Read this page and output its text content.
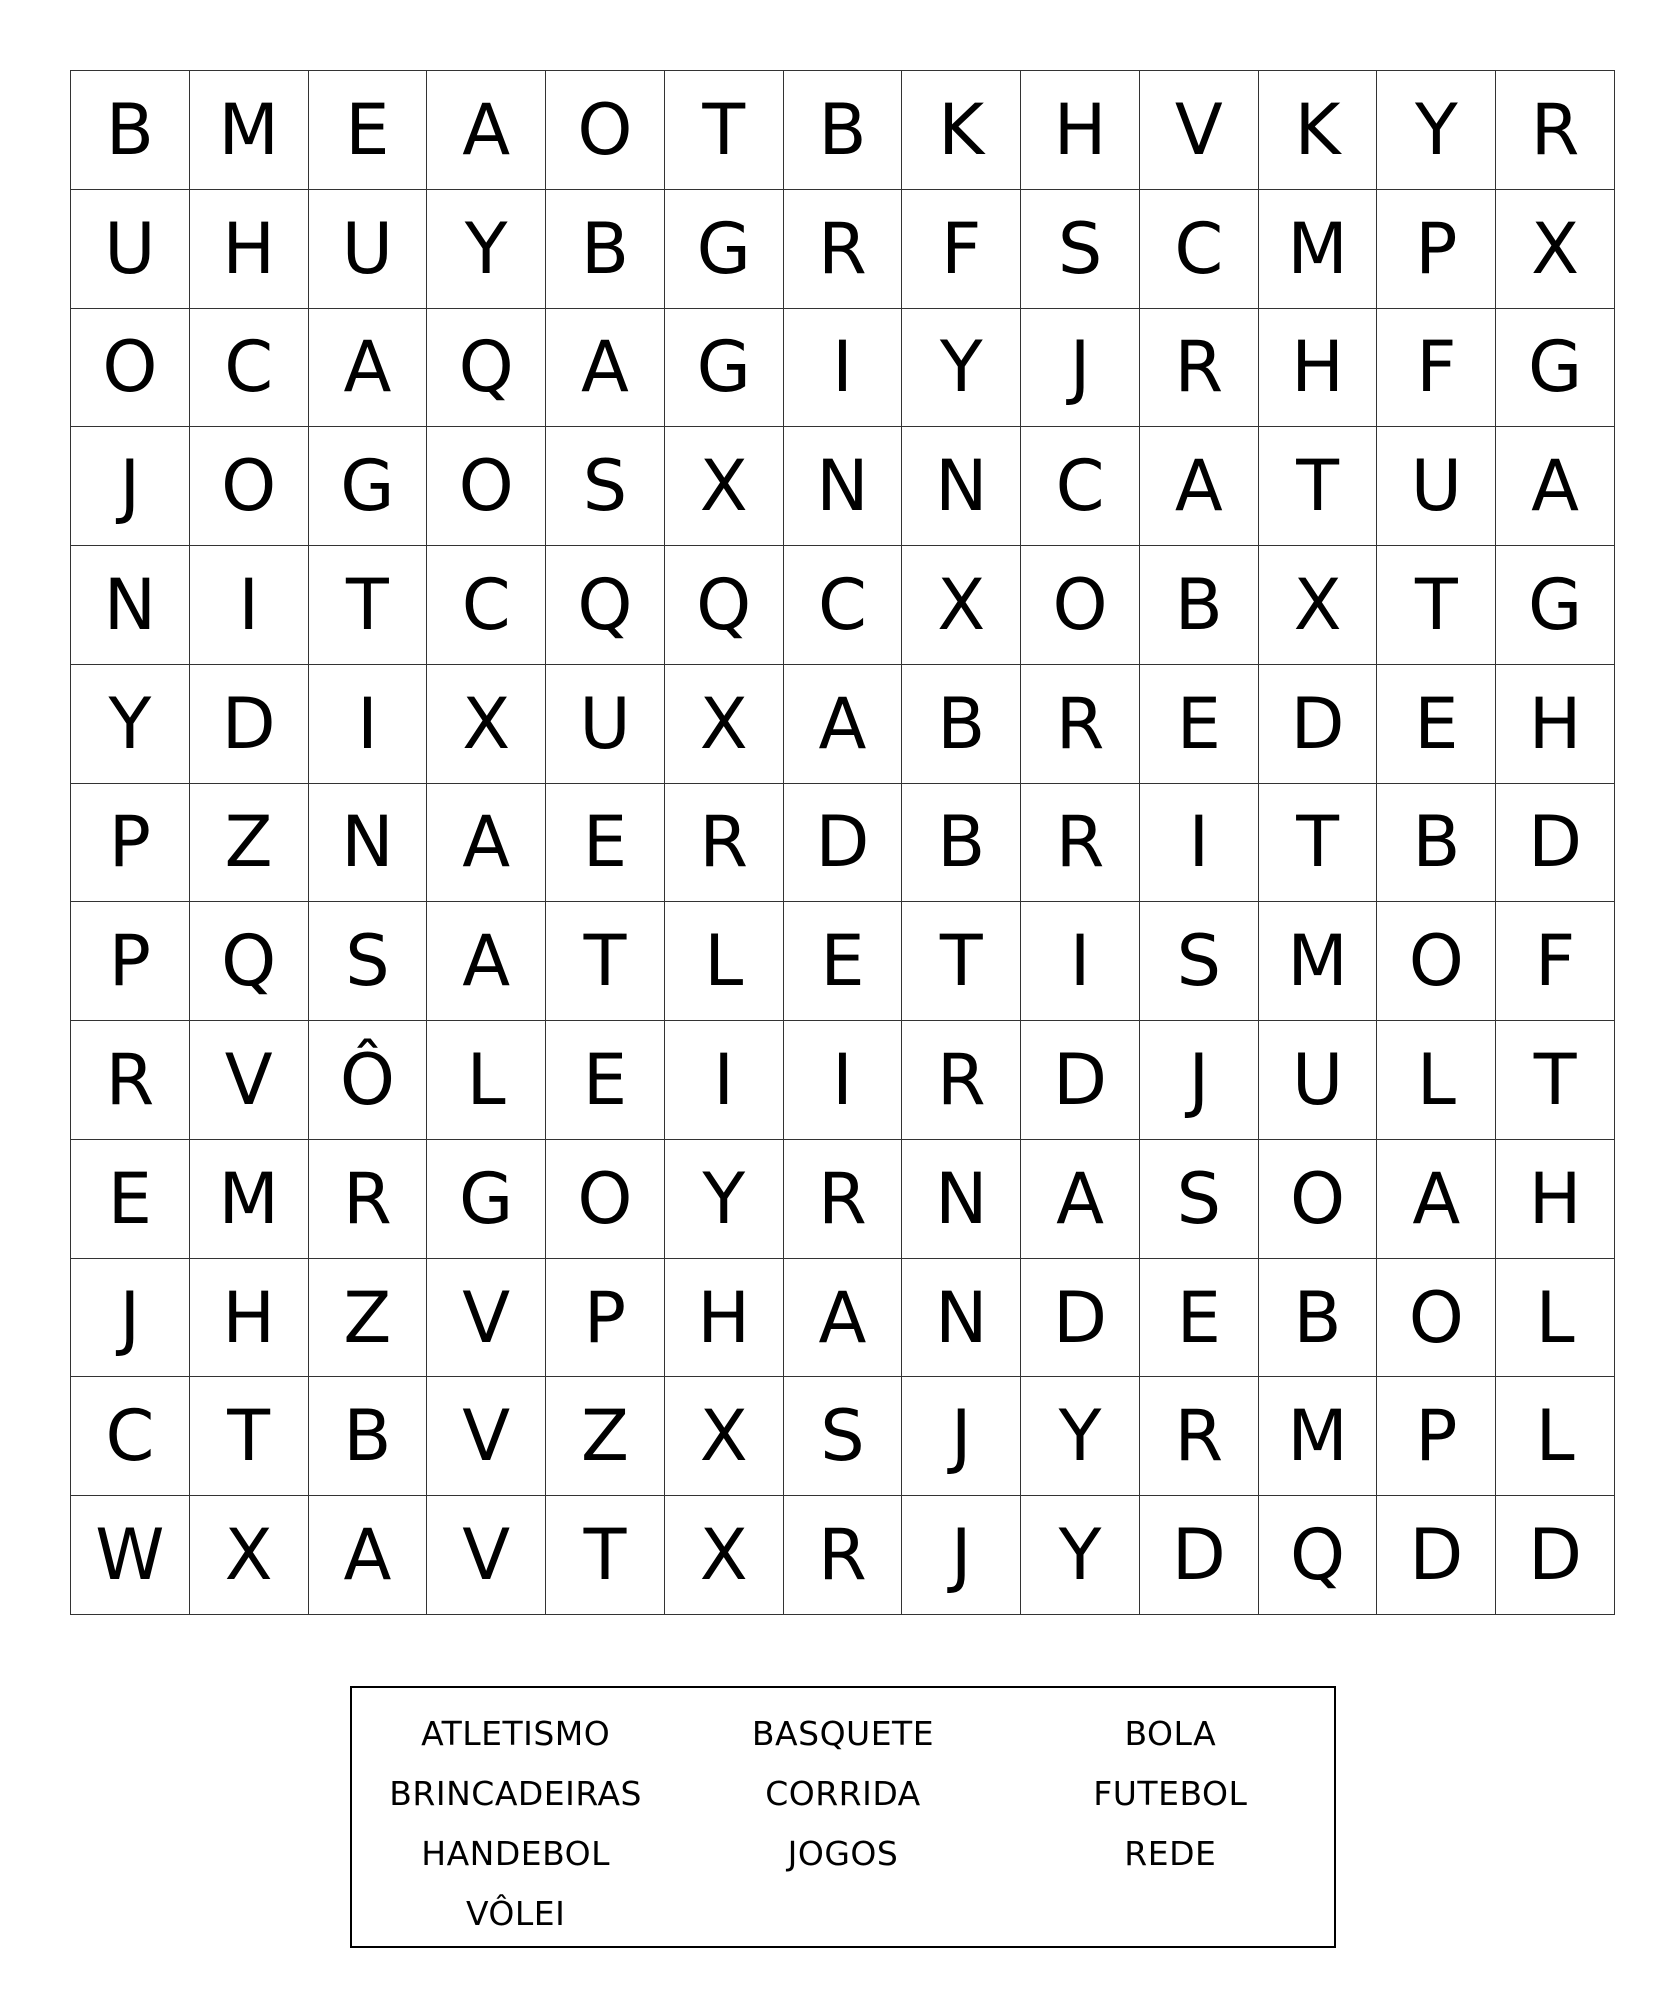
B M E	A O T	B	K H V	K	Y	R
U H U	Y	B G R	F	S	C M P	X
O C	A Q A G	I	Y	J	R H	F	G
J	O G O S	X N N C	A	T	U A
N	I	T	C Q Q C	X O B	X	T	G
Y	D	I	X U X	A	B	R	E D E	H
P	Z N A	E	R D B	R	I	T	B D
P	Q S	A	T	L	E	T	I	S M O	F
R	V Ô	L	E	I	I	R D	J	U	L	T
E M R G O Y	R N A	S O A H
J	H Z	V	P	H A N D E	B O	L
C	T	B	V	Z	X	S	J	Y	R M P	L
W X	A	V	T	X	R	J	Y	D Q D D
ATLETISMO	BASQUETE	BOLA
BRINCADEIRAS	CORRIDA	FUTEBOL
HANDEBOL	JOGOS	REDE
VÔLEI
